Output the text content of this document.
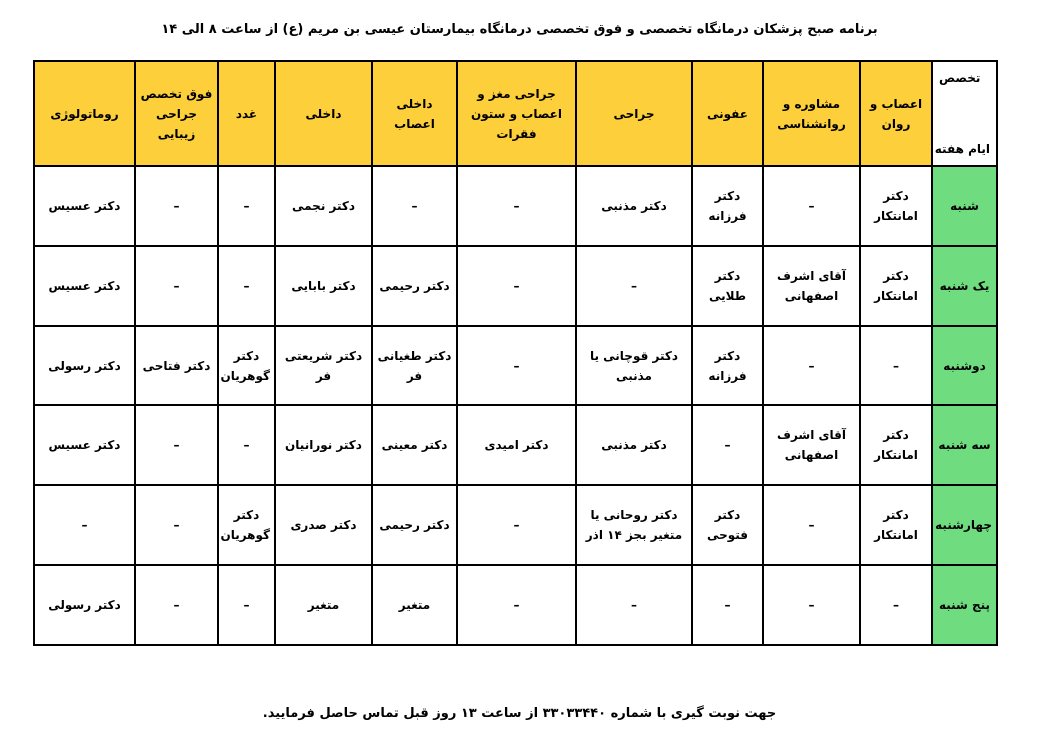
برنامه صبح پزشکان درمانگاه تخصصی و فوق تخصصی درمانگاه بیمارستان عیسی بن مریم (ع) از ساعت ۸ الی ۱۴
تخصص
ایام هفته	اعصاب و روان	مشاوره و روانشناسی	عفونی	جراحی	جراحی مغز و اعصاب و ستون فقرات	داخلی اعصاب	داخلی	غدد	فوق تخصص جراحی زیبایی	روماتولوژی
شنبه	دکتر امانتکار	–	دکتر فرزانه	دکتر مذنبی	–	–	دکتر نجمی	–	–	دکتر عسیس
یک شنبه	دکتر امانتکار	آقای اشرف اصفهانی	دکتر طلایی	–	–	دکتر رحیمی	دکتر بابایی	–	–	دکتر عسیس
دوشنبه	–	–	دکتر فرزانه	دکتر قوچانی یا مذنبی	–	دکتر طغیانی فر	دکتر شریعتی فر	دکتر گوهریان	دکتر فتاحی	دکتر رسولی
سه شنبه	دکتر امانتکار	آقای اشرف اصفهانی	–	دکتر مذنبی	دکتر امیدی	دکتر معینی	دکتر نورانیان	–	–	دکتر عسیس
چهارشنبه	دکتر امانتکار	–	دکتر فتوحی	دکتر روحانی یا متغیر بجز ۱۴ اذر	–	دکتر رحیمی	دکتر صدری	دکتر گوهریان	–	–
پنج شنبه	–	–	–	–	–	متغیر	متغیر	–	–	دکتر رسولی
جهت نوبت گیری با شماره ۳۳۰۳۳۴۴۰ از ساعت ۱۳ روز قبل تماس حاصل فرمایید.
